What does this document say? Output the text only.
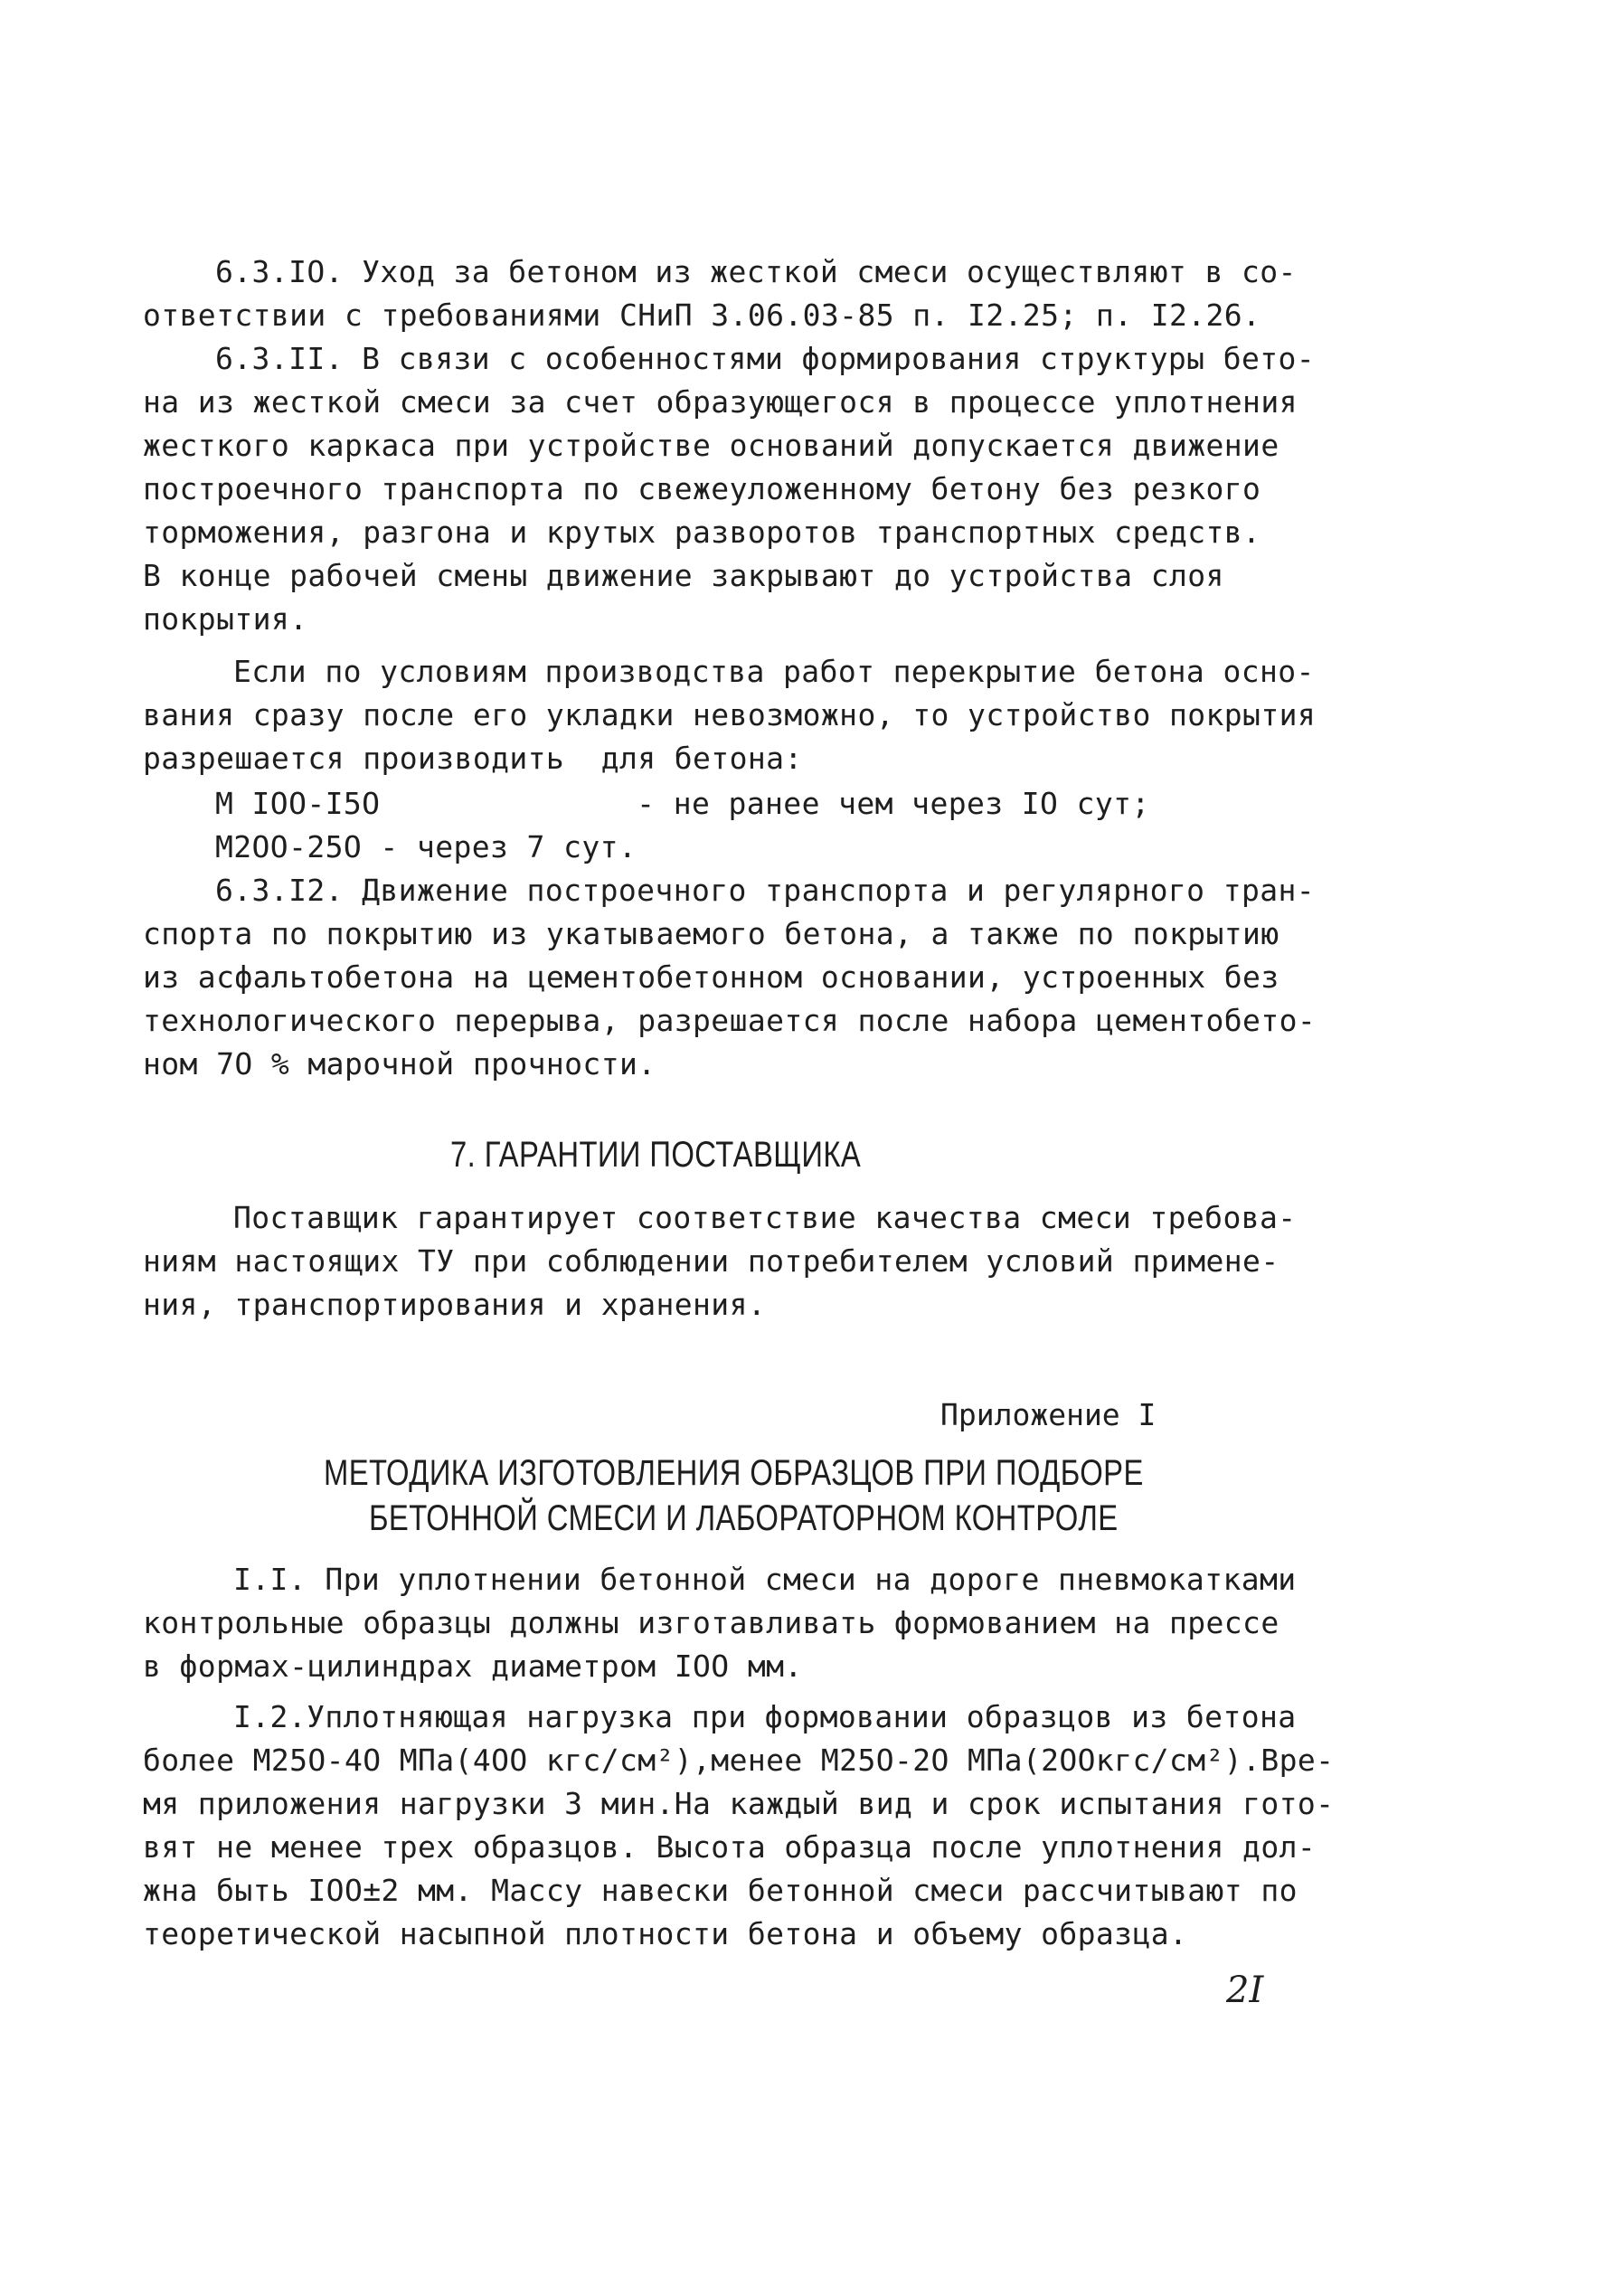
6.3.IO. Уход за бетоном из жесткой смеси осуществляют в со-
ответствии с требованиями СНиП 3.06.03-85 п. I2.25; п. I2.26.
6.3.II. В связи с особенностями формирования структуры бето-
на из жесткой смеси за счет образующегося в процессе уплотнения
жесткого каркаса при устройстве оснований допускается движение
построечного транспорта по свежеуложенному бетону без резкого
торможения, разгона и крутых разворотов транспортных средств.
В конце рабочей смены движение закрывают до устройства слоя
покрытия.
Если по условиям производства работ перекрытие бетона осно-
вания сразу после его укладки невозможно, то устройство покрытия
разрешается производить  для бетона:
М IОО-I5О              - не ранее чем через IО сут;
М2ОО-25О - через 7 сут.
6.3.I2. Движение построечного транспорта и регулярного тран-
спорта по покрытию из укатываемого бетона, а также по покрытию
из асфальтобетона на цементобетонном основании, устроенных без
технологического перерыва, разрешается после набора цементобето-
ном 7О % марочной прочности.
7. ГАРАНТИИ ПОСТАВЩИКА
Поставщик гарантирует соответствие качества смеси требова-
ниям настоящих ТУ при соблюдении потребителем условий примене-
ния, транспортирования и хранения.
Приложение I
МЕТОДИКА ИЗГОТОВЛЕНИЯ ОБРАЗЦОВ ПРИ ПОДБОРЕ
БЕТОННОЙ СМЕСИ И ЛАБОРАТОРНОМ КОНТРОЛЕ
I.I. При уплотнении бетонной смеси на дороге пневмокатками
контрольные образцы должны изготавливать формованием на прессе
в формах-цилиндрах диаметром IОО мм.
I.2.Уплотняющая нагрузка при формовании образцов из бетона
более М25О-4О МПа(4ОО кгс/см²),менее М25О-2О МПа(2ООкгс/см²).Вре-
мя приложения нагрузки 3 мин.На каждый вид и срок испытания гото-
вят не менее трех образцов. Высота образца после уплотнения дол-
жна быть IОО±2 мм. Массу навески бетонной смеси рассчитывают по
теоретической насыпной плотности бетона и объему образца.
2I
